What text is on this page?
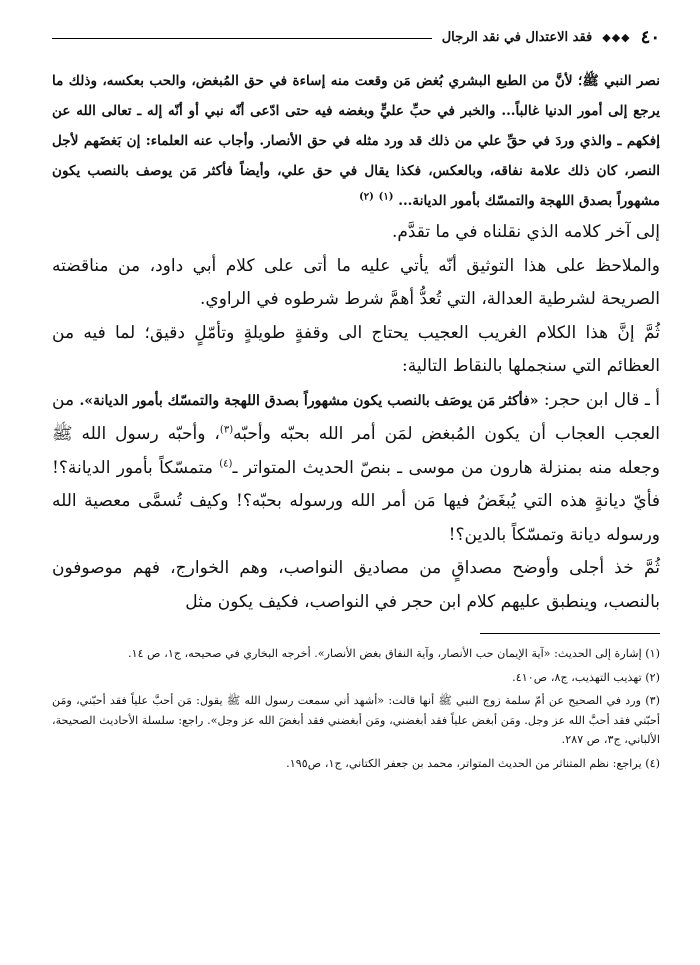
٤٠
◆◆◆
فقد الاعتدال في نقد الرجال
نصر النبي ﷺ؛ لأنَّ من الطبع البشري بُغض مَن وقعت منه إساءة في حق المُبغض، والحب بعكسه، وذلك ما يرجع إلى أمور الدنيا غالباً... والخبر في حبِّ عليٍّ وبغضه فيه حتى ادّعى أنّه نبي أو أنّه إله ـ تعالى الله عن إفكهم ـ والذي وردَ في حقِّ علي من ذلك قد ورد مثله في حق الأنصار. وأجاب عنه العلماء: إن بَغضَهم لأجل النصر، كان ذلك علامة نفاقه، وبالعكس، فكذا يقال في حق علي، وأيضاً فأكثر مَن يوصف بالنصب يكون مشهوراً بصدق اللهجة والتمسّك بأمور الديانة... $^{(١)}$ $^{(٢)}$

إلى آخر كلامه الذي نقلناه في ما تقدَّم.

والملاحظ على هذا التوثيق أنّه يأتي عليه ما أتى على كلام أبي داود، من مناقضته الصريحة لشرطية العدالة، التي تُعدُّ أهمَّ شرط شرطوه في الراوي.

ثُمَّ إنَّ هذا الكلام الغريب العجيب يحتاج الى وقفةٍ طويلةٍ وتأمّلٍ دقيق؛ لما فيه من العظائم التي سنجملها بالنقاط التالية:

أ ـ قال ابن حجر: «فأكثر مَن يوصَف بالنصب يكون مشهوراً بصدق اللهجة والتمسّك بأمور الديانة». من العجب العجاب أن يكون المُبغض لمَن أمر الله بحبّه وأحبّه$^{(٣)}$، وأحبّه رسول الله ﷺ وجعله منه بمنزلة هارون من موسى ـ بنصّ الحديث المتواتر ـ$^{(٤)}$ متمسّكاً بأمور الديانة؟! فأيّ ديانةٍ هذه التي يُبغَضُ فيها مَن أمر الله ورسوله بحبّه؟! وكيف تُسمَّى معصية الله ورسوله ديانة وتمسّكاً بالدين؟!

ثُمَّ خذ أجلى وأوضح مصداقٍ من مصاديق النواصب، وهم الخوارج، فهم موصوفون بالنصب، وينطبق عليهم كلام ابن حجر في النواصب، فكيف يكون مثل

(١) إشارة إلى الحديث: «آية الإيمان حب الأنصار، وآية النفاق بغض الأنصار». أخرجه البخاري في صحيحه، ج١، ص ١٤.

(٢) تهذيب التهذيب، ج٨، ص٤١٠.

(٣) ورد في الصحيح عن أمّ سلمة زوج النبي ﷺ أنها قالت: «أشهد أني سمعت رسول الله ﷺ يقول: مَن أحبَّ علياً فقد أحبّني، ومَن أحبّني فقد أحبَّ الله عز وجل. ومَن أبغض علياً فقد أبغضني، ومَن أبغضني فقد أبغضَ الله عز وجل». راجع: سلسلة الأحاديث الصحيحة، الألباني، ج٣، ص ٢٨٧.

(٤) يراجع: نظم المتناثر من الحديث المتواتر، محمد بن جعفر الكتاني، ج١، ص١٩٥.
